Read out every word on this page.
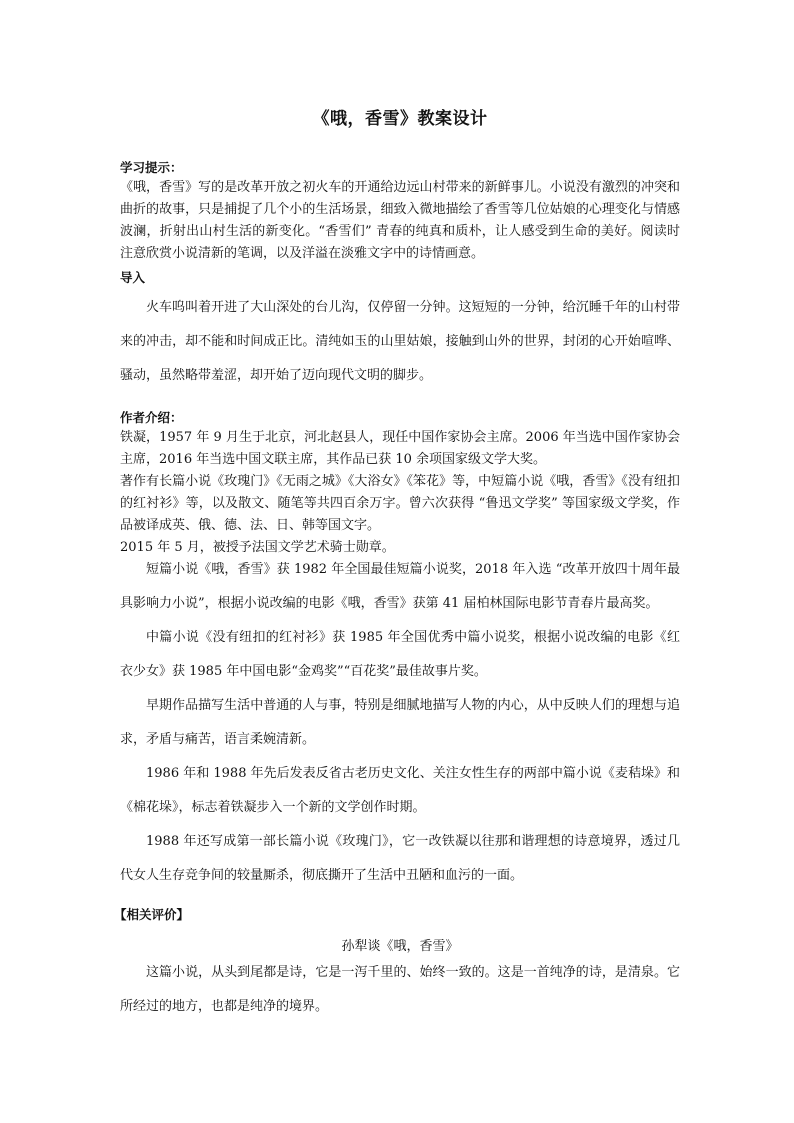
《哦，香雪》教案设计
学习提示：

《哦，香雪》写的是改革开放之初火车的开通给边远山村带来的新鲜事儿。小说没有激烈的冲突和曲折的故事，只是捕捉了几个小的生活场景，细致入微地描绘了香雪等几位姑娘的心理变化与情感波澜，折射出山村生活的新变化。“香雪们” 青春的纯真和质朴，让人感受到生命的美好。阅读时注意欣赏小说清新的笔调，以及洋溢在淡雅文字中的诗情画意。

导入

火车呜叫着开进了大山深处的台儿沟，仅停留一分钟。这短短的一分钟，给沉睡千年的山村带来的冲击，却不能和时间成正比。清纯如玉的山里姑娘，接触到山外的世界，封闭的心开始喧哗、骚动，虽然略带羞涩，却开始了迈向现代文明的脚步。

作者介绍：

铁凝，1957 年 9 月生于北京，河北赵县人，现任中国作家协会主席。2006 年当选中国作家协会主席，2016 年当选中国文联主席，其作品已获 10 余项国家级文学大奖。

著作有长篇小说《玫瑰门》《无雨之城》《大浴女》《笨花》等，中短篇小说《哦，香雪》《没有纽扣的红衬衫》等，以及散文、随笔等共四百余万字。曾六次获得 “鲁迅文学奖” 等国家级文学奖，作品被译成英、俄、德、法、日、韩等国文字。

2015 年 5 月，被授予法国文学艺术骑士勋章。

短篇小说《哦，香雪》获 1982 年全国最佳短篇小说奖，2018 年入选 “改革开放四十周年最具影响力小说”，根据小说改编的电影《哦，香雪》获第 41 届柏林国际电影节青春片最高奖。

中篇小说《没有纽扣的红衬衫》获 1985 年全国优秀中篇小说奖，根据小说改编的电影《红衣少女》获 1985 年中国电影“金鸡奖”“百花奖”最佳故事片奖。

早期作品描写生活中普通的人与事，特别是细腻地描写人物的内心，从中反映人们的理想与追求，矛盾与痛苦，语言柔婉清新。

1986 年和 1988 年先后发表反省古老历史文化、关注女性生存的两部中篇小说《麦秸垛》和《棉花垛》，标志着铁凝步入一个新的文学创作时期。

1988 年还写成第一部长篇小说《玫瑰门》，它一改铁凝以往那和谐理想的诗意境界，透过几代女人生存竞争间的较量厮杀，彻底撕开了生活中丑陋和血污的一面。

【相关评价】
孙犁谈《哦，香雪》

这篇小说，从头到尾都是诗，它是一泻千里的、始终一致的。这是一首纯净的诗，是清泉。它所经过的地方，也都是纯净的境界。
